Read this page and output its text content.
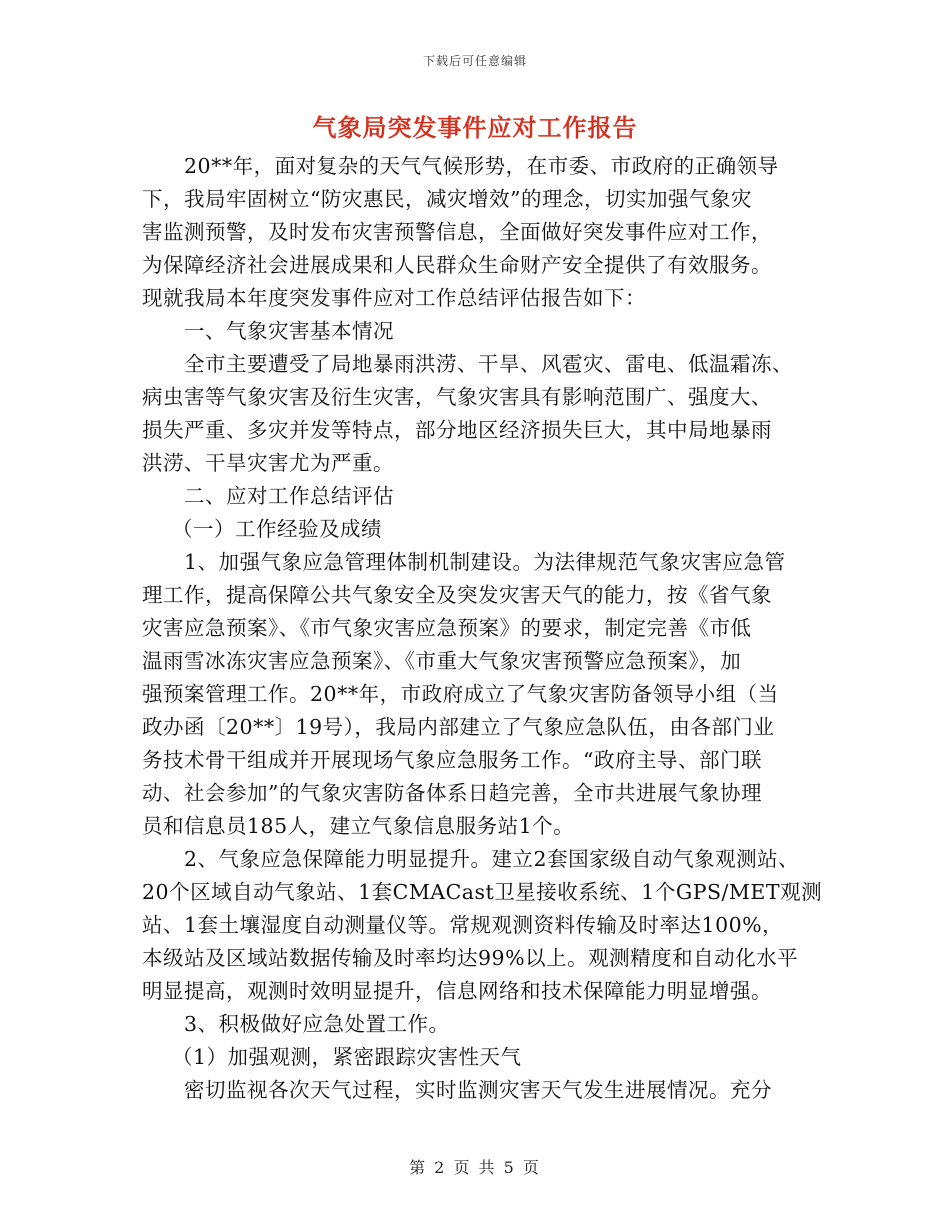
下载后可任意编辑
气象局突发事件应对工作报告
20**年，面对复杂的天气气候形势，在市委、市政府的正确领导
下，我局牢固树立“防灾惠民，减灾增效”的理念，切实加强气象灾
害监测预警，及时发布灾害预警信息，全面做好突发事件应对工作，
为保障经济社会进展成果和人民群众生命财产安全提供了有效服务。
现就我局本年度突发事件应对工作总结评估报告如下：
一、气象灾害基本情况
全市主要遭受了局地暴雨洪涝、干旱、风雹灾、雷电、低温霜冻、
病虫害等气象灾害及衍生灾害，气象灾害具有影响范围广、强度大、
损失严重、多灾并发等特点，部分地区经济损失巨大，其中局地暴雨
洪涝、干旱灾害尤为严重。
二、应对工作总结评估
（一）工作经验及成绩
1、加强气象应急管理体制机制建设。为法律规范气象灾害应急管
理工作，提高保障公共气象安全及突发灾害天气的能力，按《省气象
灾害应急预案》、《市气象灾害应急预案》的要求，制定完善《市低
温雨雪冰冻灾害应急预案》、《市重大气象灾害预警应急预案》，加
强预案管理工作。20**年，市政府成立了气象灾害防备领导小组（当
政办函〔20**〕19号），我局内部建立了气象应急队伍，由各部门业
务技术骨干组成并开展现场气象应急服务工作。“政府主导、部门联
动、社会参加”的气象灾害防备体系日趋完善，全市共进展气象协理
员和信息员185人，建立气象信息服务站1个。
2、气象应急保障能力明显提升。建立2套国家级自动气象观测站、
20个区域自动气象站、1套CMACast卫星接收系统、1个GPS/MET观测
站、1套土壤湿度自动测量仪等。常规观测资料传输及时率达100%，
本级站及区域站数据传输及时率均达99%以上。观测精度和自动化水平
明显提高，观测时效明显提升，信息网络和技术保障能力明显增强。
3、积极做好应急处置工作。
（1）加强观测，紧密跟踪灾害性天气
密切监视各次天气过程，实时监测灾害天气发生进展情况。充分
第 2 页 共 5 页
